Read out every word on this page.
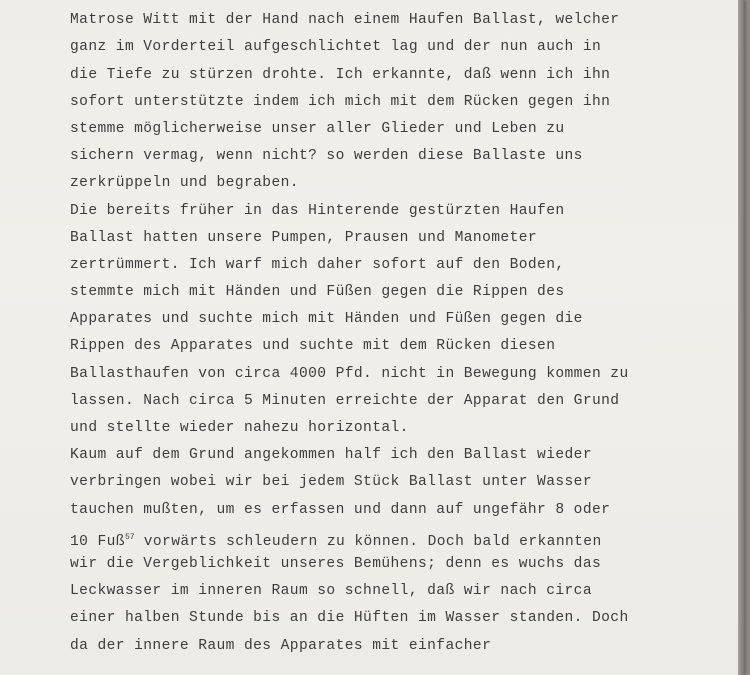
Matrose Witt mit der Hand nach einem Haufen Ballast, welcher
ganz im Vorderteil aufgeschlichtet lag und der nun auch in
die Tiefe zu stürzen drohte. Ich erkannte, daß wenn ich ihn
sofort unterstützte indem ich mich mit dem Rücken gegen ihn
stemme möglicherweise unser aller Glieder und Leben zu
sichern vermag, wenn nicht? so werden diese Ballaste uns
zerkrüppeln und begraben.
Die bereits früher in das Hinterende gestürzten Haufen
Ballast hatten unsere Pumpen, Prausen und Manometer
zertrümmert. Ich warf mich daher sofort auf den Boden,
stemmte mich mit Händen und Füßen gegen die Rippen des
Apparates und suchte mich mit Händen und Füßen gegen die
Rippen des Apparates und suchte mit dem Rücken diesen
Ballasthaufen von circa 4000 Pfd. nicht in Bewegung kommen zu
lassen. Nach circa 5 Minuten erreichte der Apparat den Grund
und stellte wieder nahezu horizontal.
Kaum auf dem Grund angekommen half ich den Ballast wieder
verbringen wobei wir bei jedem Stück Ballast unter Wasser
tauchen mußten, um es erfassen und dann auf ungefähr 8 oder
10 Fuß$^{57}$ vorwärts schleudern zu können. Doch bald erkannten
wir die Vergeblichkeit unseres Bemühens; denn es wuchs das
Leckwasser im inneren Raum so schnell, daß wir nach circa
einer halben Stunde bis an die Hüften im Wasser standen. Doch
da der innere Raum des Apparates mit einfacher
